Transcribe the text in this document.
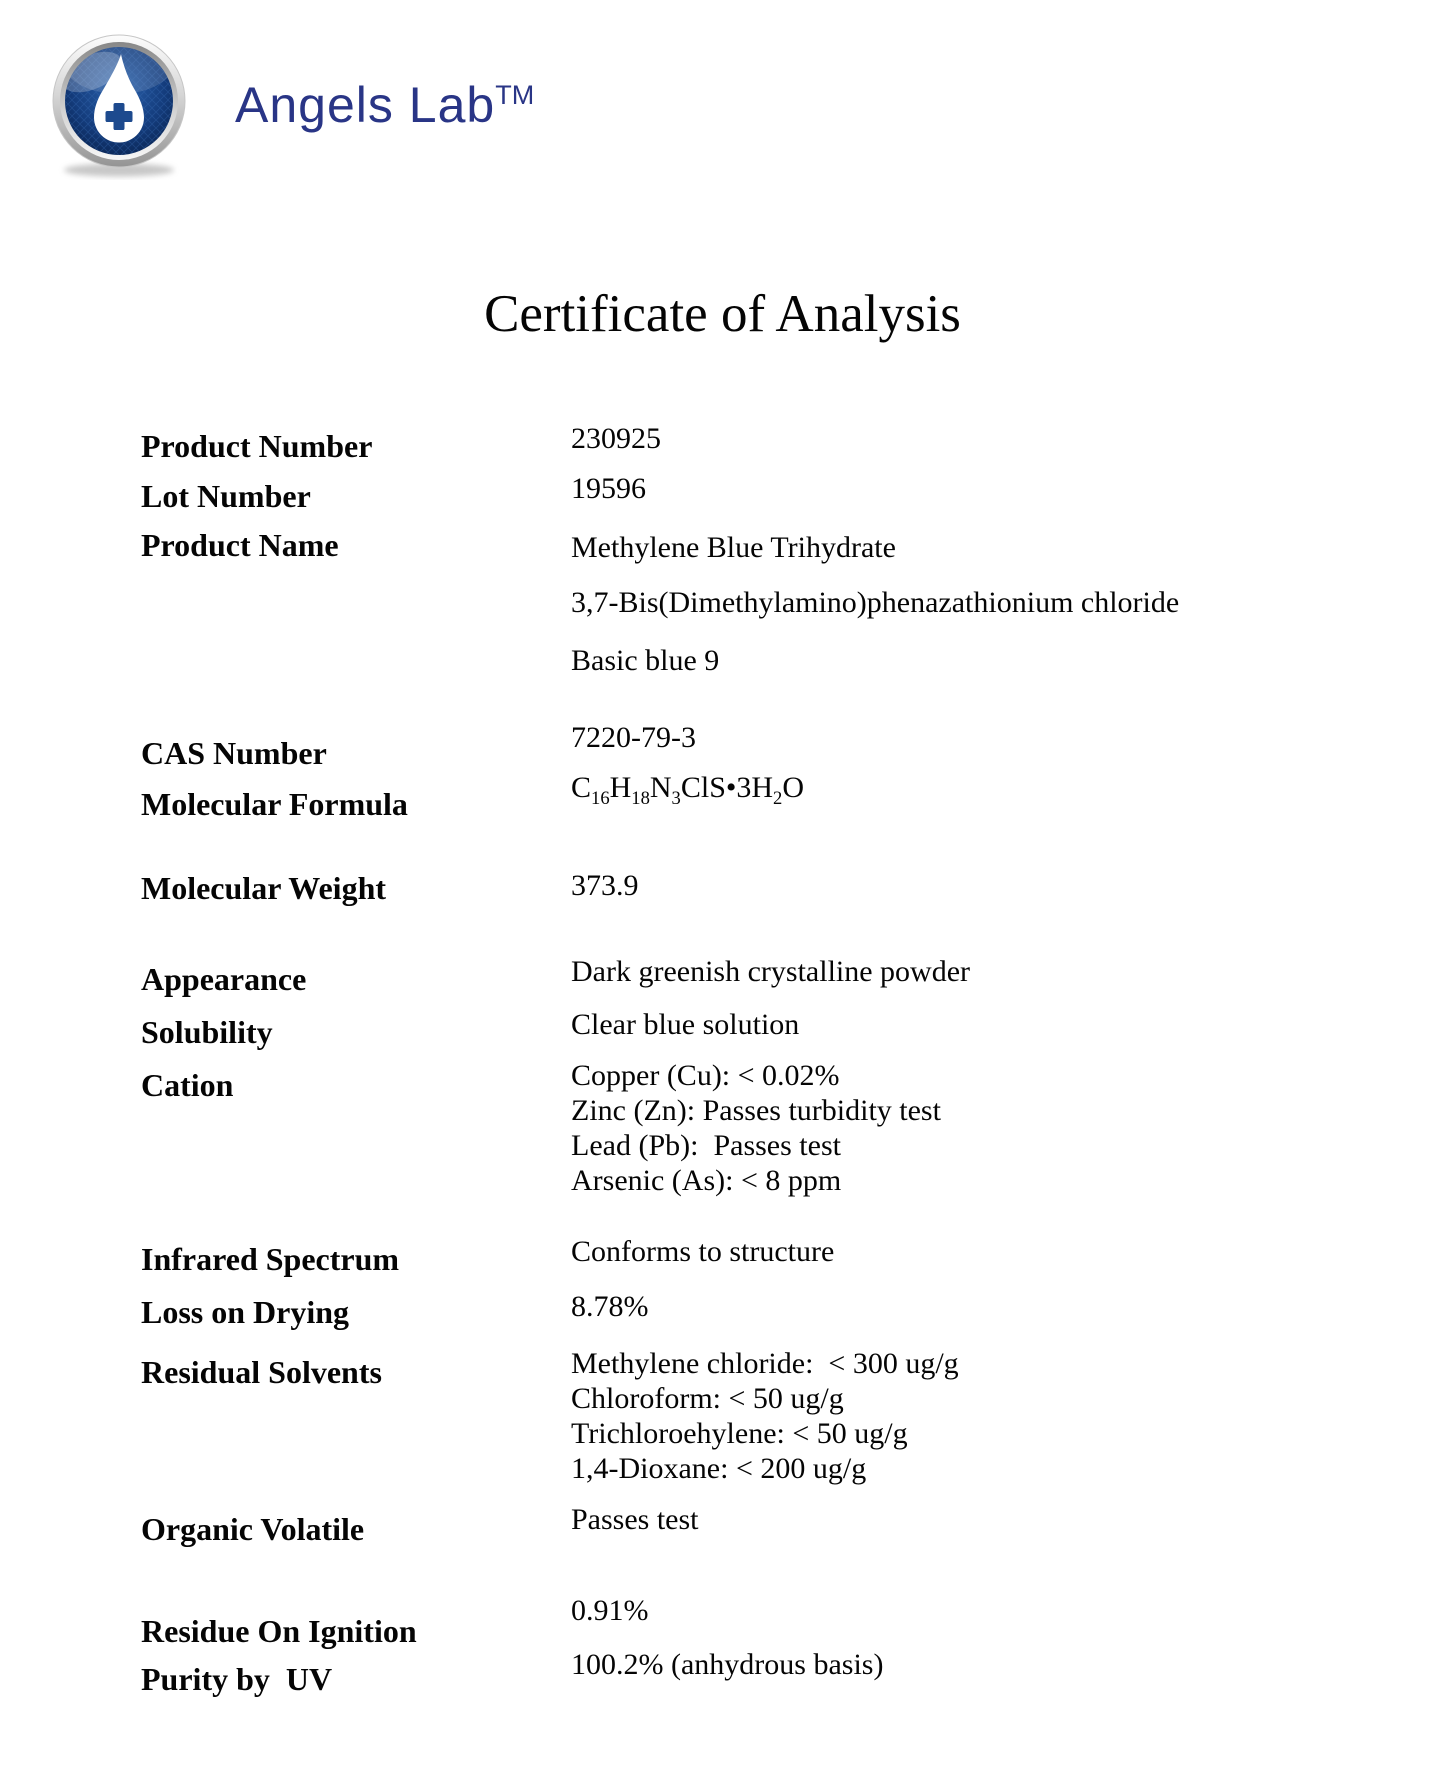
Angels Lab™
Certificate of Analysis
Product Number
Lot Number
Product Name
CAS Number
Molecular Formula
Molecular Weight
Appearance
Solubility
Cation
Infrared Spectrum
Loss on Drying
Residual Solvents
Organic Volatile
Residue On Ignition
Purity by  UV
230925
19596
Methylene Blue Trihydrate
3,7-Bis(Dimethylamino)phenazathionium chloride
Basic blue 9
7220-79-3
$C_{16}H_{18}N_3ClS•3H_2O$
373.9
Dark greenish crystalline powder
Clear blue solution
Copper (Cu): < 0.02%
Zinc (Zn): Passes turbidity test
Lead (Pb):  Passes test
Arsenic (As): < 8 ppm
Conforms to structure
8.78%
Methylene chloride:  < 300 ug/g
Chloroform: < 50 ug/g
Trichloroehylene: < 50 ug/g
1,4-Dioxane: < 200 ug/g
Passes test
0.91%
100.2% (anhydrous basis)
